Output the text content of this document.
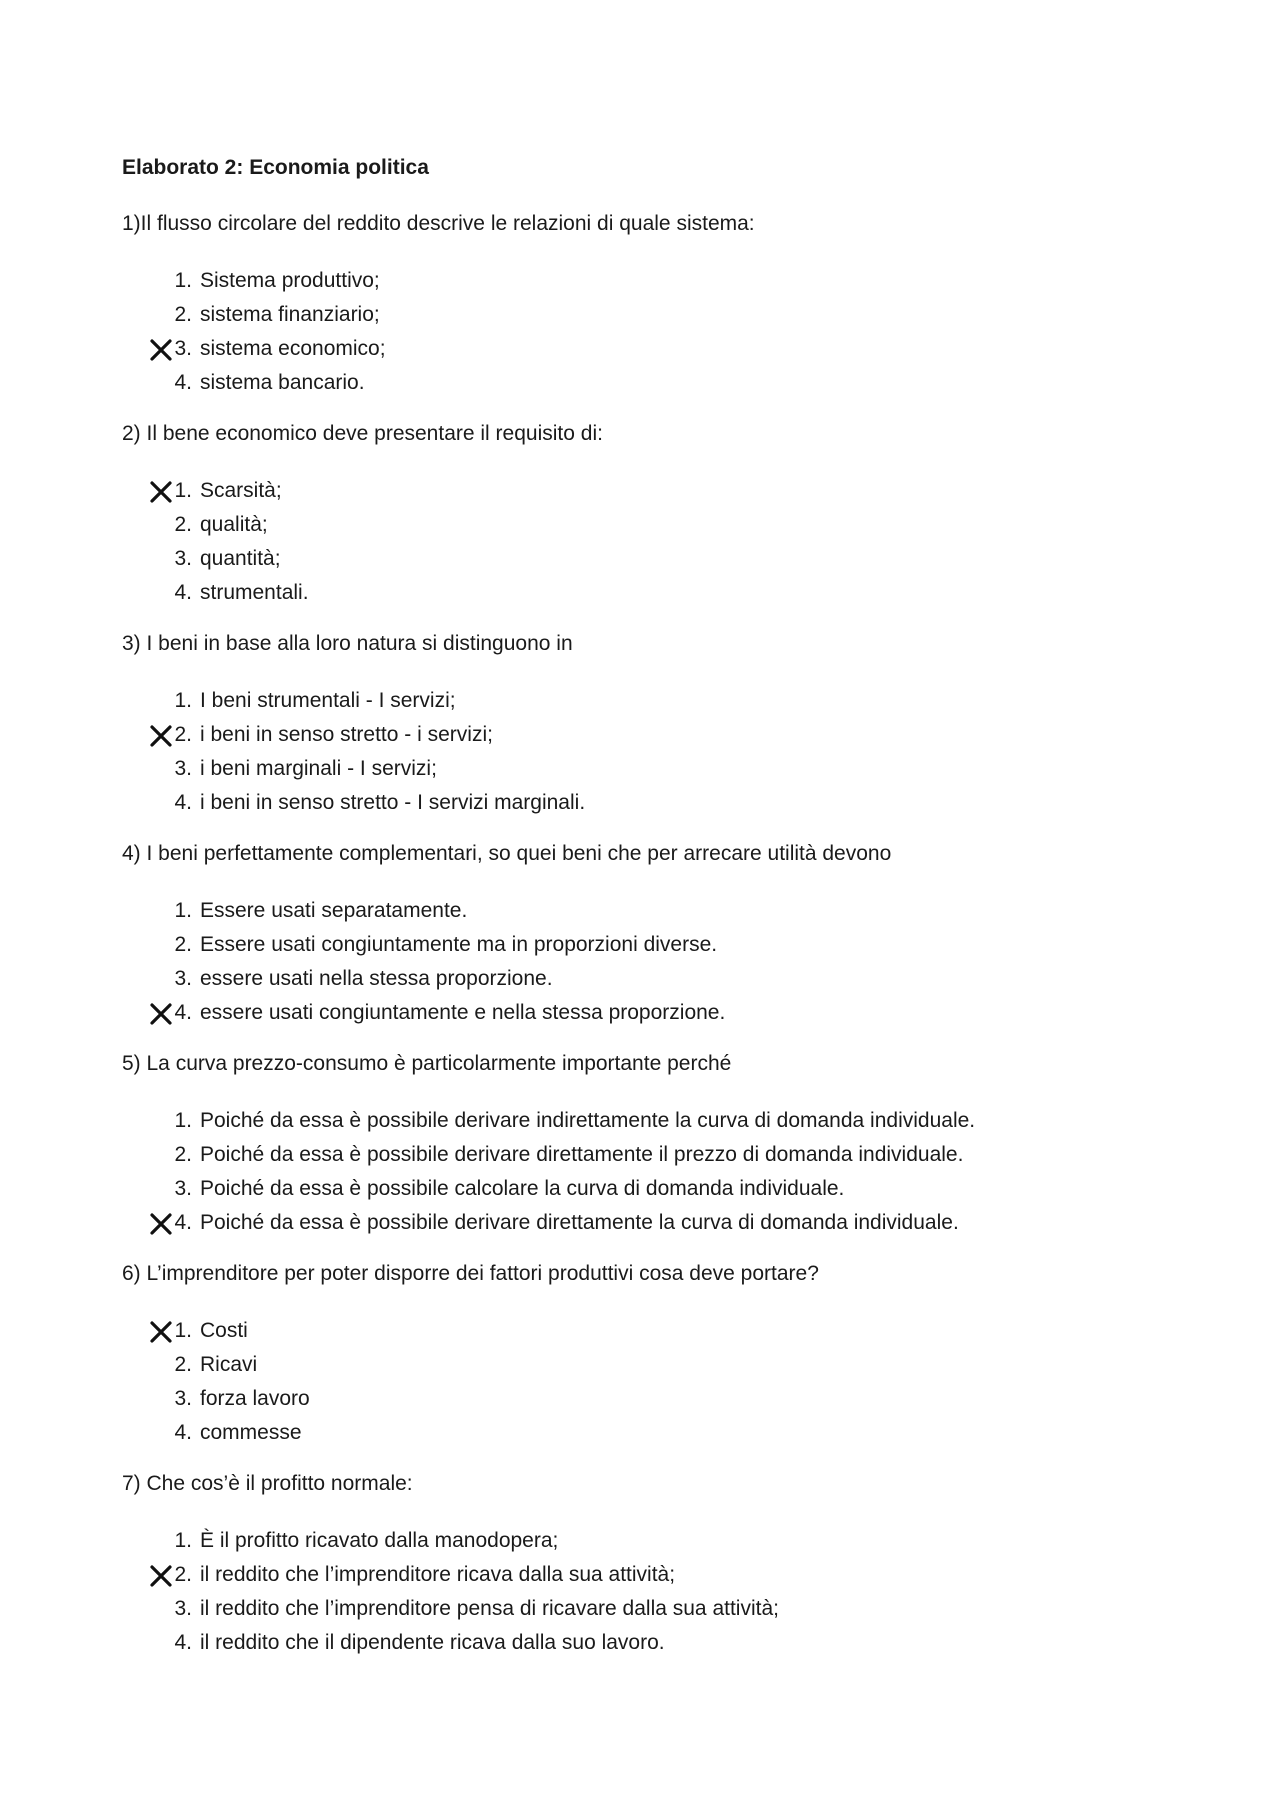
Elaborato 2: Economia politica

1)Il flusso circolare del reddito descrive le relazioni di quale sistema:

1. Sistema produttivo;
2. sistema finanziario;
3. sistema economico;
4. sistema bancario.

2) Il bene economico deve presentare il requisito di:

1. Scarsità;
2. qualità;
3. quantità;
4. strumentali.

3) I beni in base alla loro natura si distinguono in

1. I beni strumentali - I servizi;
2. i beni in senso stretto - i servizi;
3. i beni marginali - I servizi;
4. i beni in senso stretto - I servizi marginali.

4) I beni perfettamente complementari, so quei beni che per arrecare utilità devono

1. Essere usati separatamente.
2. Essere usati congiuntamente ma in proporzioni diverse.
3. essere usati nella stessa proporzione.
4. essere usati congiuntamente e nella stessa proporzione.

5) La curva prezzo-consumo è particolarmente importante perché

1. Poiché da essa è possibile derivare indirettamente la curva di domanda individuale.
2. Poiché da essa è possibile derivare direttamente il prezzo di domanda individuale.
3. Poiché da essa è possibile calcolare la curva di domanda individuale.
4. Poiché da essa è possibile derivare direttamente la curva di domanda individuale.

6) L’imprenditore per poter disporre dei fattori produttivi cosa deve portare?

1. Costi
2. Ricavi
3. forza lavoro
4. commesse

7) Che cos’è il profitto normale:

1. È il profitto ricavato dalla manodopera;
2. il reddito che l’imprenditore ricava dalla sua attività;
3. il reddito che l’imprenditore pensa di ricavare dalla sua attività;
4. il reddito che il dipendente ricava dalla suo lavoro.
